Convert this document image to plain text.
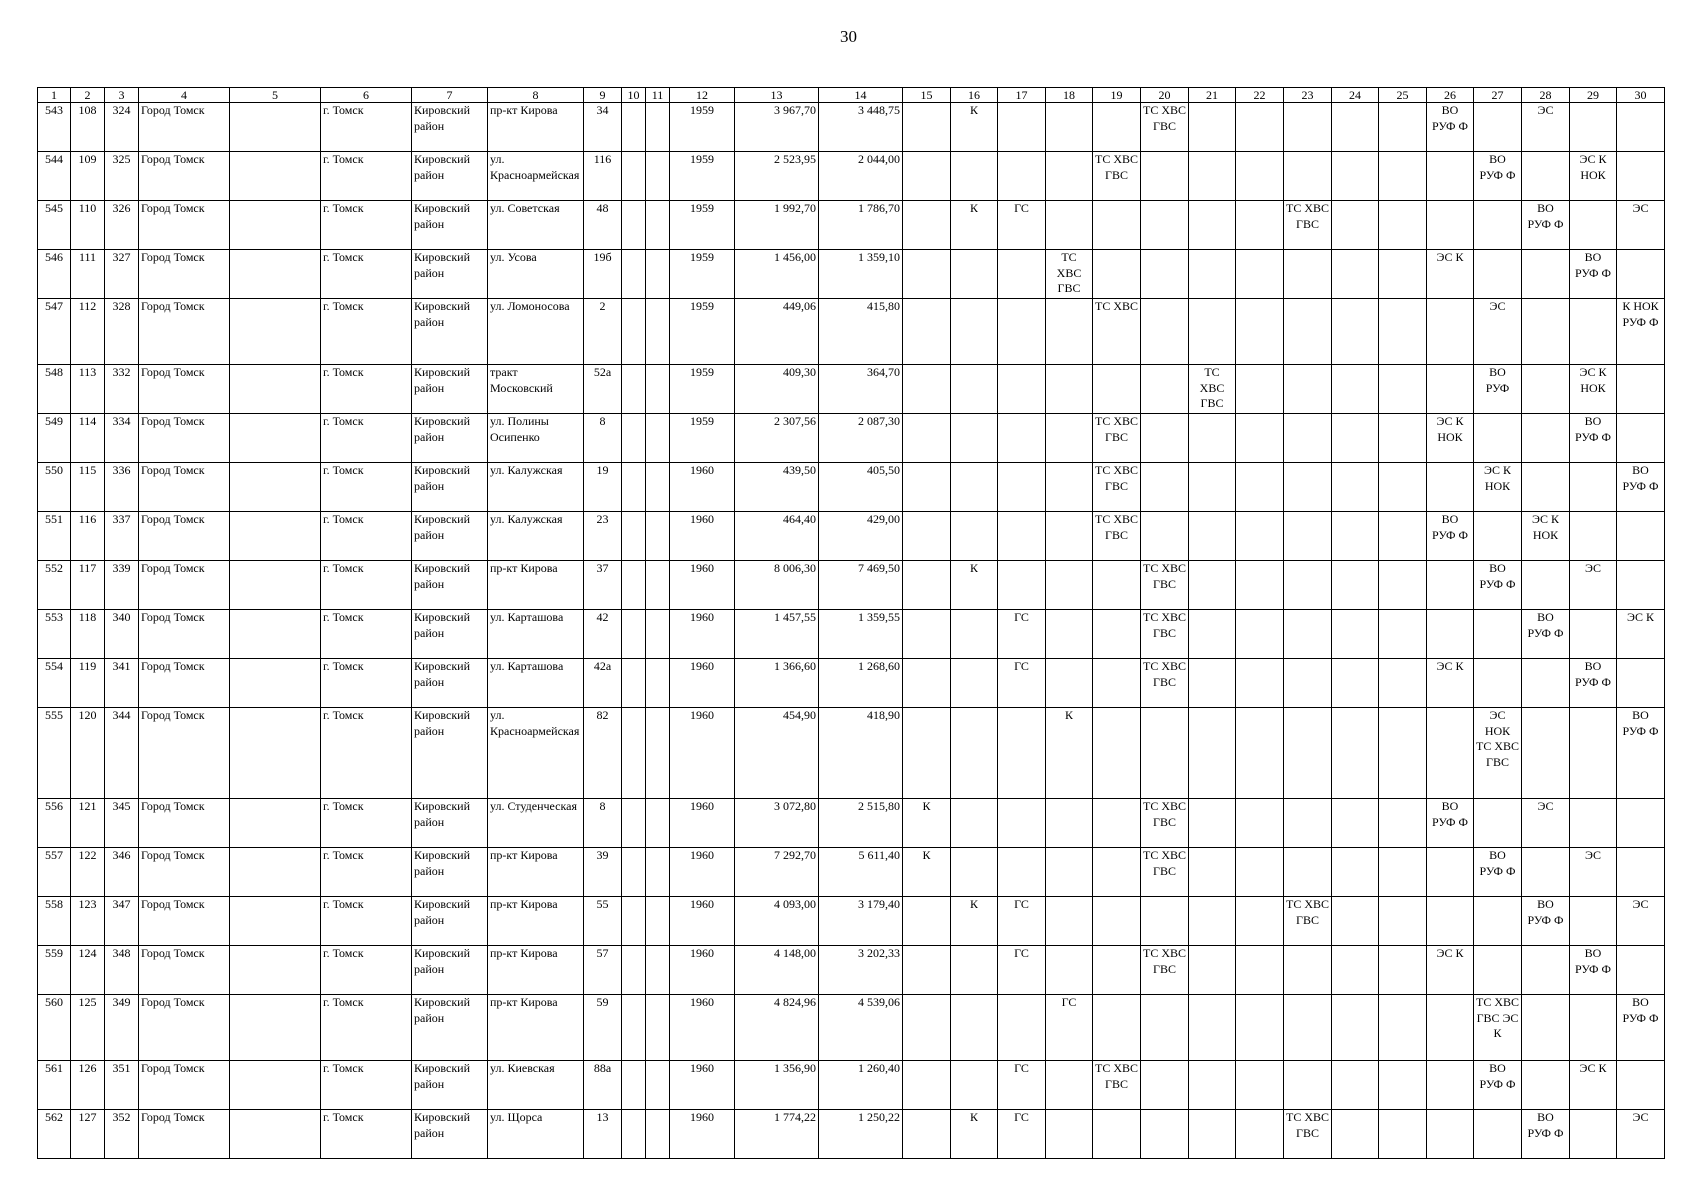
30
1	2	3	4	5	6	7	8	9	10	11	12	13	14	15	16	17	18	19	20	21	22	23	24	25	26	27	28	29	30
543	108	324	Город Томск		г. Томск	Кировский район	пр-кт Кирова	34			1959	3 967,70	3 448,75		К				ТС ХВС ГВС						ВО РУФ Ф		ЭС		
544	109	325	Город Томск		г. Томск	Кировский район	ул. Красноармейская	116			1959	2 523,95	2 044,00					ТС ХВС ГВС								ВО РУФ Ф		ЭС К НОК	
545	110	326	Город Томск		г. Томск	Кировский район	ул. Советская	48			1959	1 992,70	1 786,70		К	ГС						ТС ХВС ГВС					ВО РУФ Ф		ЭС
546	111	327	Город Томск		г. Томск	Кировский район	ул. Усова	19б			1959	1 456,00	1 359,10				ТС ХВС ГВС								ЭС К			ВО РУФ Ф	
547	112	328	Город Томск		г. Томск	Кировский район	ул. Ломоносова	2			1959	449,06	415,80					ТС ХВС								ЭС			К НОК РУФ Ф
548	113	332	Город Томск		г. Томск	Кировский район	тракт Московский	52а			1959	409,30	364,70							ТС ХВС ГВС						ВО РУФ		ЭС К НОК	
549	114	334	Город Томск		г. Томск	Кировский район	ул. Полины Осипенко	8			1959	2 307,56	2 087,30					ТС ХВС ГВС							ЭС К НОК			ВО РУФ Ф	
550	115	336	Город Томск		г. Томск	Кировский район	ул. Калужская	19			1960	439,50	405,50					ТС ХВС ГВС								ЭС К НОК			ВО РУФ Ф
551	116	337	Город Томск		г. Томск	Кировский район	ул. Калужская	23			1960	464,40	429,00					ТС ХВС ГВС							ВО РУФ Ф		ЭС К НОК		
552	117	339	Город Томск		г. Томск	Кировский район	пр-кт Кирова	37			1960	8 006,30	7 469,50		К				ТС ХВС ГВС							ВО РУФ Ф		ЭС	
553	118	340	Город Томск		г. Томск	Кировский район	ул. Карташова	42			1960	1 457,55	1 359,55			ГС			ТС ХВС ГВС								ВО РУФ Ф		ЭС К
554	119	341	Город Томск		г. Томск	Кировский район	ул. Карташова	42а			1960	1 366,60	1 268,60			ГС			ТС ХВС ГВС						ЭС К			ВО РУФ Ф	
555	120	344	Город Томск		г. Томск	Кировский район	ул. Красноармейская	82			1960	454,90	418,90				К									ЭС НОК ТС ХВС ГВС			ВО РУФ Ф
556	121	345	Город Томск		г. Томск	Кировский район	ул. Студенческая	8			1960	3 072,80	2 515,80	К					ТС ХВС ГВС						ВО РУФ Ф		ЭС		
557	122	346	Город Томск		г. Томск	Кировский район	пр-кт Кирова	39			1960	7 292,70	5 611,40	К					ТС ХВС ГВС							ВО РУФ Ф		ЭС	
558	123	347	Город Томск		г. Томск	Кировский район	пр-кт Кирова	55			1960	4 093,00	3 179,40		К	ГС						ТС ХВС ГВС					ВО РУФ Ф		ЭС
559	124	348	Город Томск		г. Томск	Кировский район	пр-кт Кирова	57			1960	4 148,00	3 202,33			ГС			ТС ХВС ГВС						ЭС К			ВО РУФ Ф	
560	125	349	Город Томск		г. Томск	Кировский район	пр-кт Кирова	59			1960	4 824,96	4 539,06				ГС									ТС ХВС ГВС ЭС К			ВО РУФ Ф
561	126	351	Город Томск		г. Томск	Кировский район	ул. Киевская	88а			1960	1 356,90	1 260,40			ГС		ТС ХВС ГВС								ВО РУФ Ф		ЭС К	
562	127	352	Город Томск		г. Томск	Кировский район	ул. Щорса	13			1960	1 774,22	1 250,22		К	ГС						ТС ХВС ГВС					ВО РУФ Ф		ЭС
